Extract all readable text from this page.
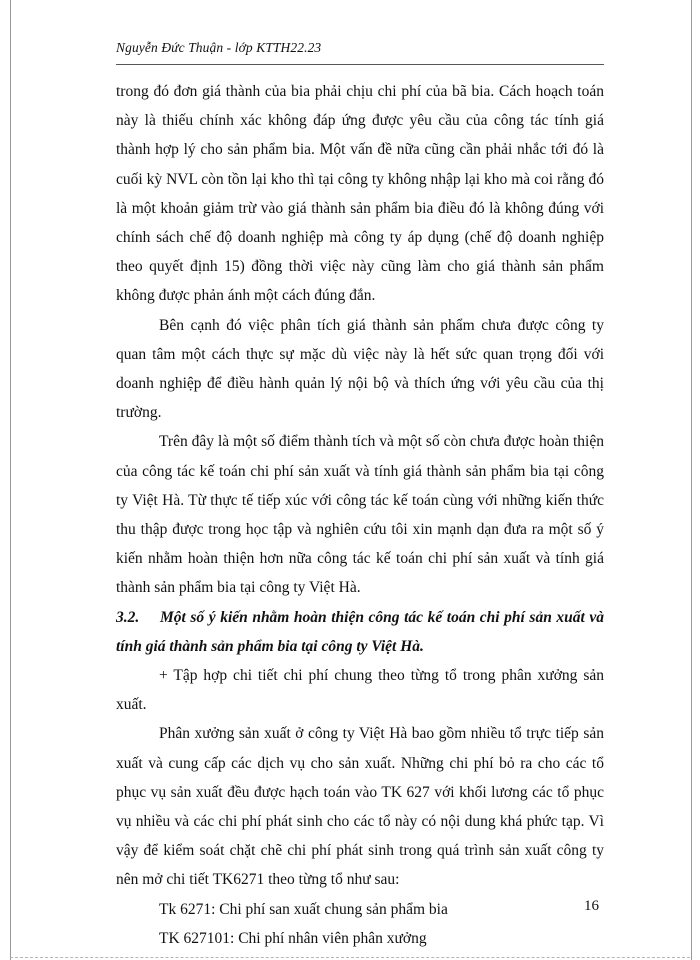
Nguyễn Đức Thuận - lớp KTTH22.23

trong đó đơn giá thành của bia phải chịu chi phí của bã bia. Cách hoạch toán này là thiếu chính xác không đáp ứng được yêu cầu của công tác tính giá thành hợp lý cho sản phẩm bia. Một vấn đề nữa cũng cần phải nhắc tới đó là cuối kỳ NVL còn tồn lại kho thì tại công ty không nhập lại kho mà coi rằng đó là một khoản giảm trừ vào giá thành sản phẩm bia điều đó là không đúng với chính sách chế độ doanh nghiệp mà công ty áp dụng (chế độ doanh nghiệp theo quyết định 15) đồng thời việc này cũng làm cho giá thành sản phẩm không được phản ánh một cách đúng đắn.

Bên cạnh đó việc phân tích giá thành sản phẩm chưa được công ty quan tâm một cách thực sự mặc dù việc này là hết sức quan trọng đối với doanh nghiệp để điều hành quản lý nội bộ và thích ứng với yêu cầu của thị trường.

Trên đây là một số điểm thành tích và một số còn chưa được hoàn thiện của công tác kế toán chi phí sản xuất và tính giá thành sản phẩm bia tại công ty Việt Hà. Từ thực tế tiếp xúc với công tác kế toán cùng với những kiến thức thu thập được trong học tập và nghiên cứu tôi xin mạnh dạn đưa ra một số ý kiến nhằm hoàn thiện hơn nữa công tác kế toán chi phí sản xuất và tính giá thành sản phẩm bia tại công ty Việt Hà.

3.2. Một số ý kiến nhằm hoàn thiện công tác kế toán chi phí sản xuất và tính giá thành sản phẩm bia tại công ty Việt Hà.

+ Tập hợp chi tiết chi phí chung theo từng tổ trong phân xưởng sản xuất.

Phân xưởng sản xuất ở công ty Việt Hà bao gồm nhiều tổ trực tiếp sản xuất và cung cấp các dịch vụ cho sản xuất. Những chi phí bỏ ra cho các tổ phục vụ sản xuất đều được hạch toán vào TK 627 với khối lương các tổ phục vụ nhiều và các chi phí phát sinh cho các tổ này có nội dung khá phức tạp. Vì vậy để kiểm soát chặt chẽ chi phí phát sinh trong quá trình sản xuất công ty nên mở chi tiết TK6271 theo từng tổ như sau:

Tk 6271: Chi phí san xuất chung sản phẩm bia

TK 627101: Chi phí nhân viên phân xưởng

16
